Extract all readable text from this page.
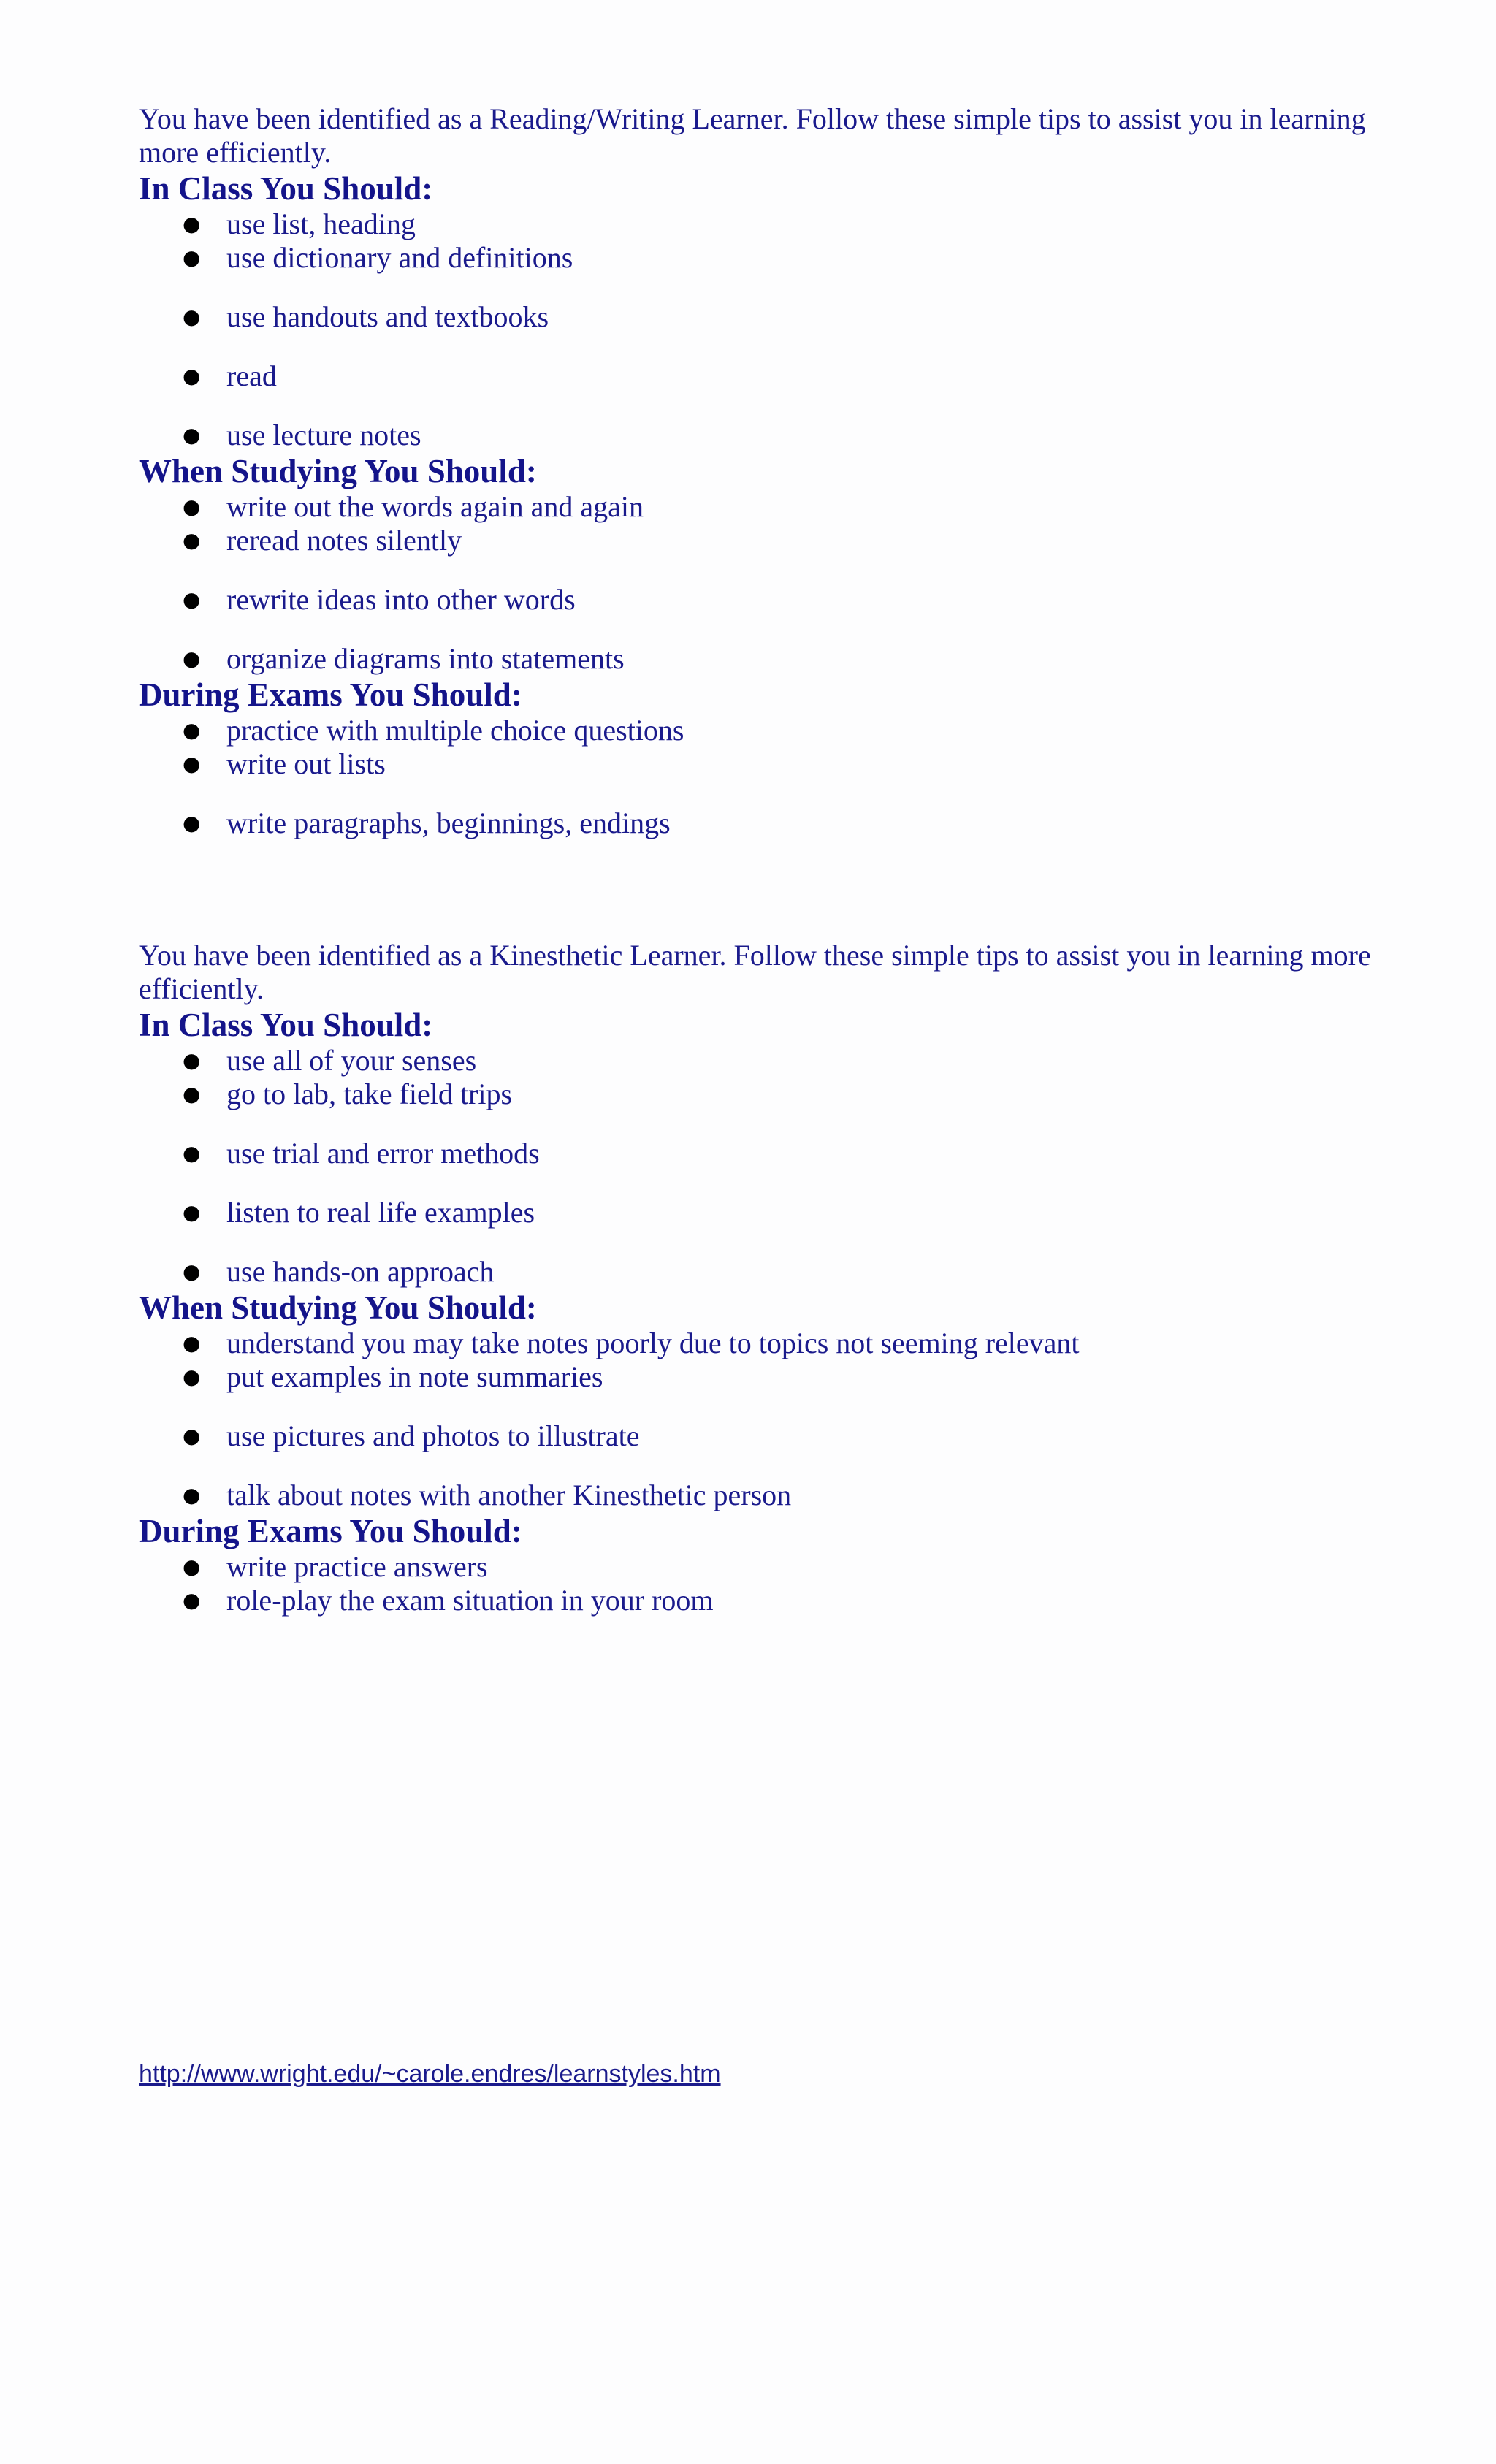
You have been identified as a Reading/Writing Learner. Follow these simple tips to assist you in learning more efficiently.

In Class You Should:
● use list, heading
● use dictionary and definitions
● use handouts and textbooks
● read
● use lecture notes
When Studying You Should:
● write out the words again and again
● reread notes silently
● rewrite ideas into other words
● organize diagrams into statements
During Exams You Should:
● practice with multiple choice questions
● write out lists
● write paragraphs, beginnings, endings

You have been identified as a Kinesthetic Learner. Follow these simple tips to assist you in learning more efficiently.

In Class You Should:
● use all of your senses
● go to lab, take field trips
● use trial and error methods
● listen to real life examples
● use hands-on approach
When Studying You Should:
● understand you may take notes poorly due to topics not seeming relevant
● put examples in note summaries
● use pictures and photos to illustrate
● talk about notes with another Kinesthetic person
During Exams You Should:
● write practice answers
● role-play the exam situation in your room
http://www.wright.edu/~carole.endres/learnstyles.htm
